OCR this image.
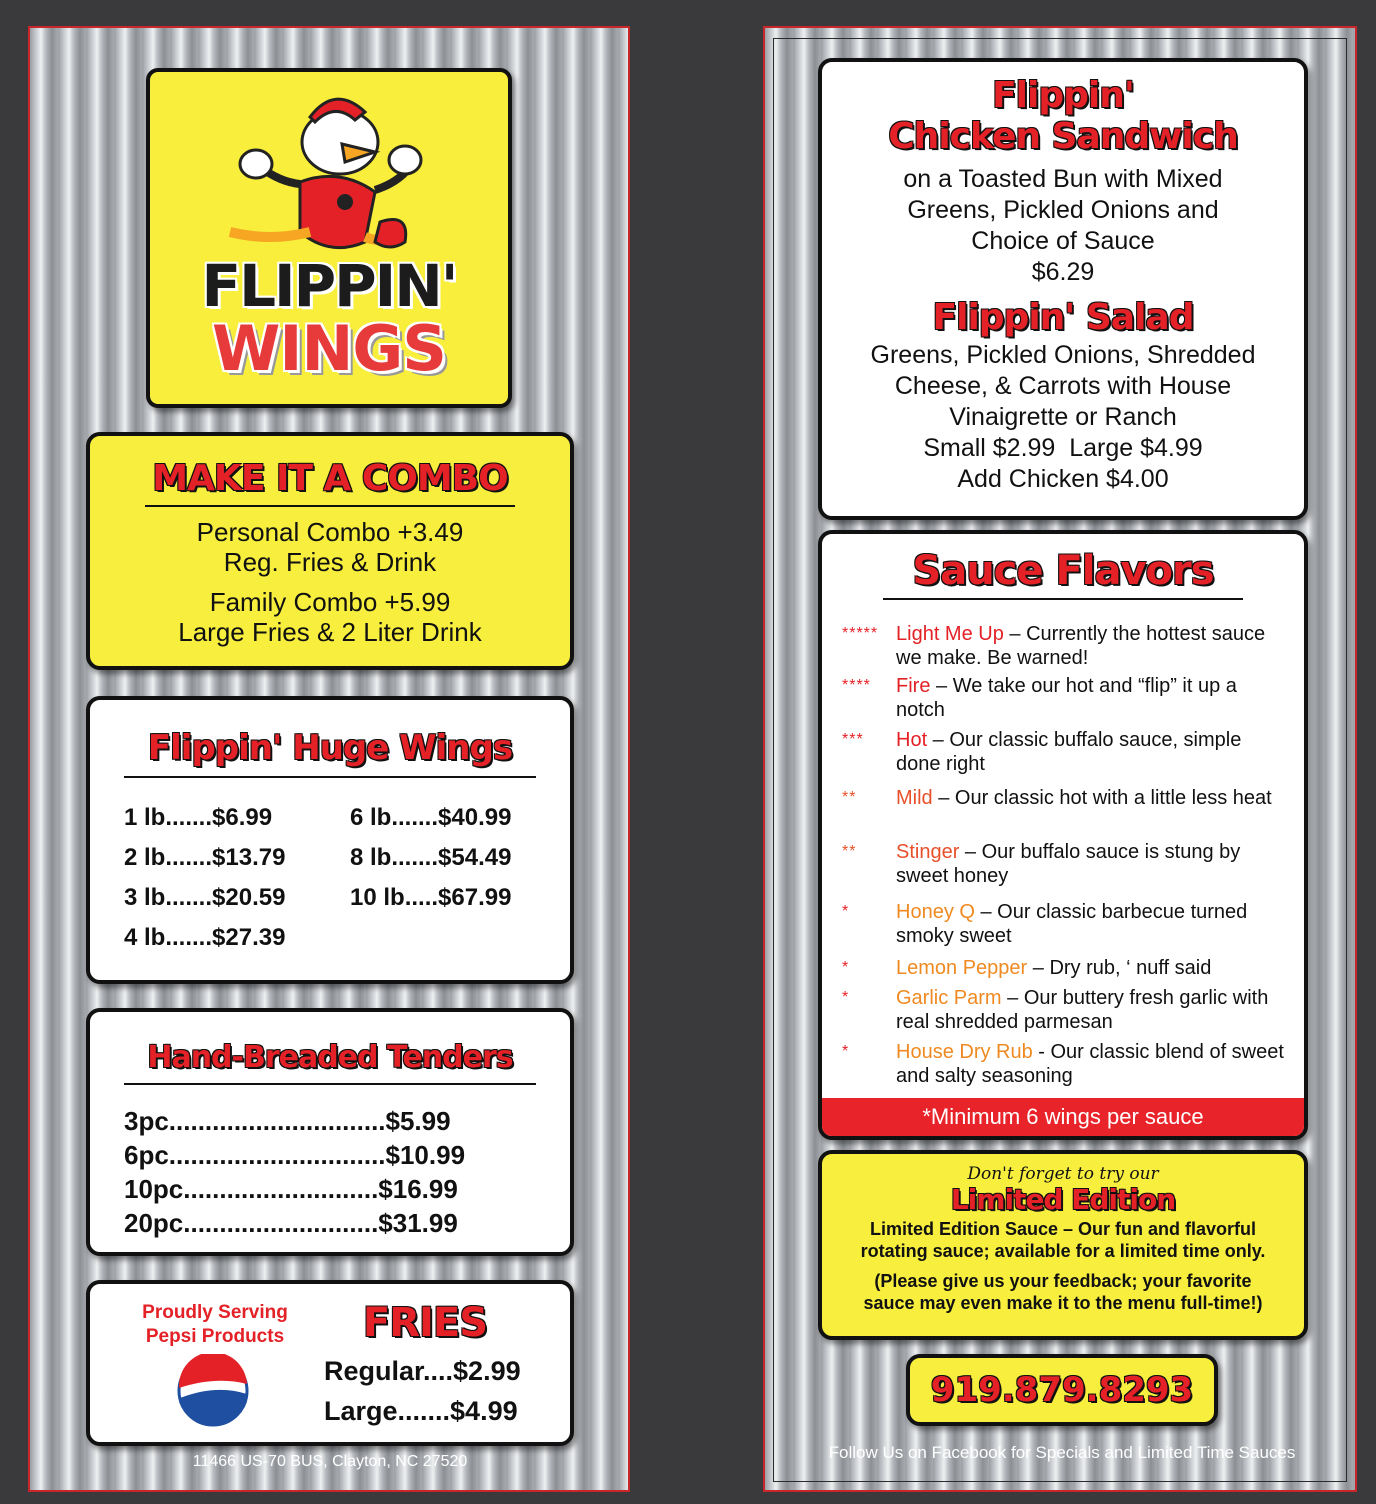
FLIPPIN'
WINGS
MAKE IT A COMBO
Personal Combo +3.49
Reg. Fries & Drink
Family Combo +5.99
Large Fries & 2 Liter Drink
Flippin' Huge Wings
1 lb.......$6.99
2 lb.......$13.79
3 lb.......$20.59
4 lb.......$27.39
6 lb.......$40.99
8 lb.......$54.49
10 lb.....$67.99
Hand-Breaded Tenders
3pc..............................$5.99
6pc..............................$10.99
10pc...........................$16.99
20pc...........................$31.99
Proudly Serving
Pepsi Products	FRIES
Regular....$2.99
Large.......$4.99
11466 US-70 BUS, Clayton, NC 27520
Flippin'
Chicken Sandwich
on a Toasted Bun with Mixed
Greens, Pickled Onions and
Choice of Sauce
$6.29
Flippin' Salad
Greens, Pickled Onions, Shredded
Cheese, & Carrots with House
Vinaigrette or Ranch
Small $2.99  Large $4.99
Add Chicken $4.00
Sauce Flavors
***** Light Me Up – Currently the hottest sauce we make. Be warned!
****	Fire – We take our hot and “flip” it up a notch
***	Hot – Our classic buffalo sauce, simple done right
**	Mild – Our classic hot with a little less heat
**	Stinger – Our buffalo sauce is stung by sweet honey
*	Honey Q – Our classic barbecue turned smoky sweet
*	Lemon Pepper – Dry rub, ‘ nuff said
*	Garlic Parm – Our buttery fresh garlic with real shredded parmesan
*	House Dry Rub - Our classic blend of sweet and salty seasoning
*Minimum 6 wings per sauce
Don't forget to try our
Limited Edition
Limited Edition Sauce – Our fun and flavorful
rotating sauce; available for a limited time only.
(Please give us your feedback; your favorite
sauce may even make it to the menu full-time!)
919.879.8293
Follow Us on Facebook for Specials and Limited Time Sauces
